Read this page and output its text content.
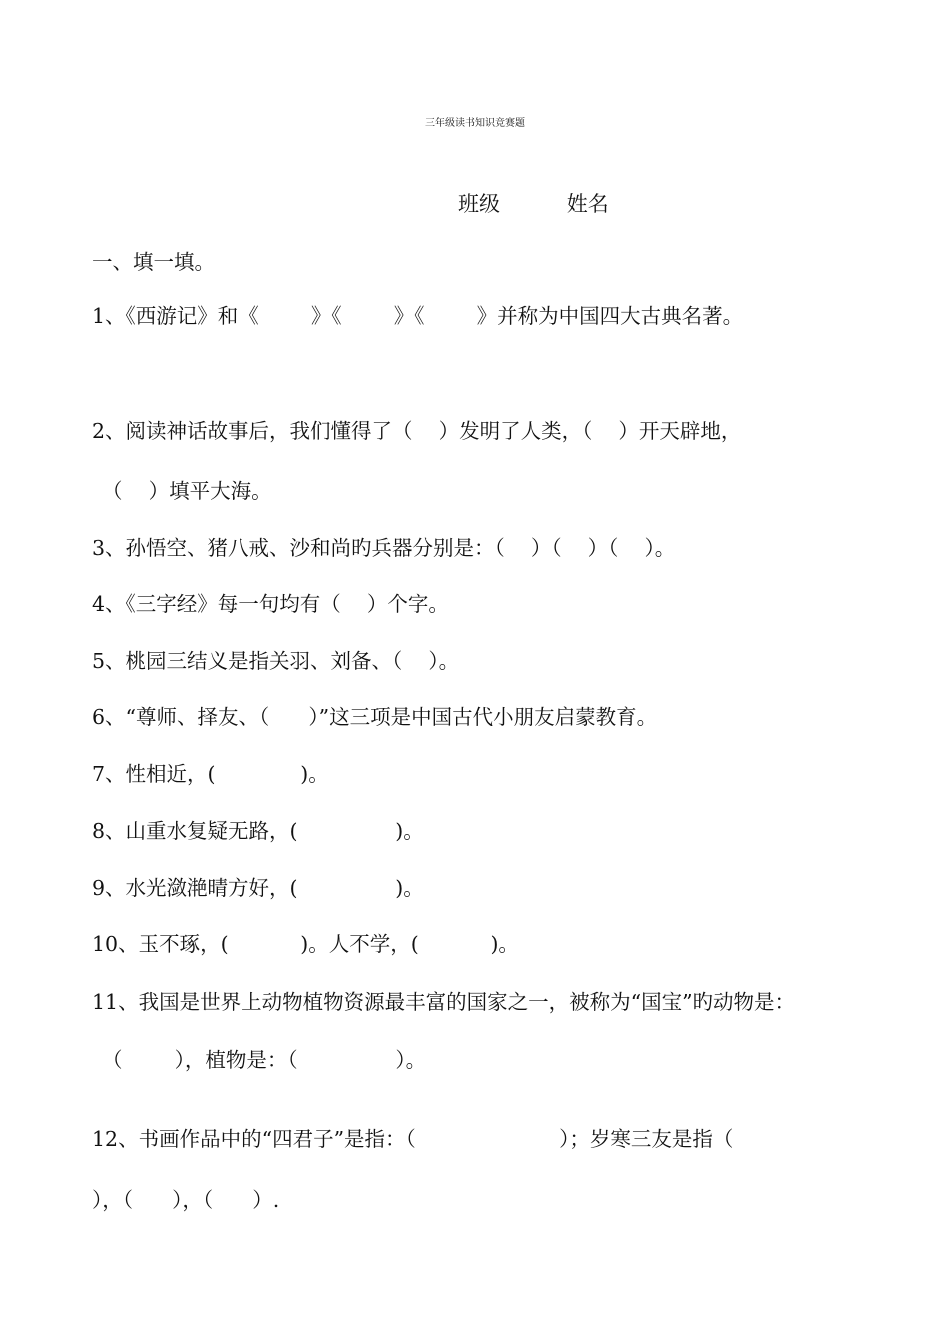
三年级读书知识竞赛题
班级          姓名
一、填一填。
1、《西游记》和《        》《        》《        》并称为中国四大古典名著。
2、阅读神话故事后，我们懂得了（    ）发明了人类，（    ）开天辟地，
（    ）填平大海。
3、孙悟空、猪八戒、沙和尚旳兵器分别是：（    ）（    ）（    ）。
4、《三字经》每一句均有（    ）个字。
5、桃园三结义是指关羽、刘备、（    ）。
6、“尊师、择友、（      ）”这三项是中国古代小朋友启蒙教育。
7、性相近，(             )。
8、山重水复疑无路，(               )。
9、水光潋滟晴方好，(               )。
10、玉不琢，(           )。人不学，(           )。
11、我国是世界上动物植物资源最丰富的国家之一，被称为“国宝”旳动物是：
（        ），植物是：（               ）。
12、书画作品中的“四君子”是指：（                      ）；岁寒三友是指（
），（      ），（      ）.
